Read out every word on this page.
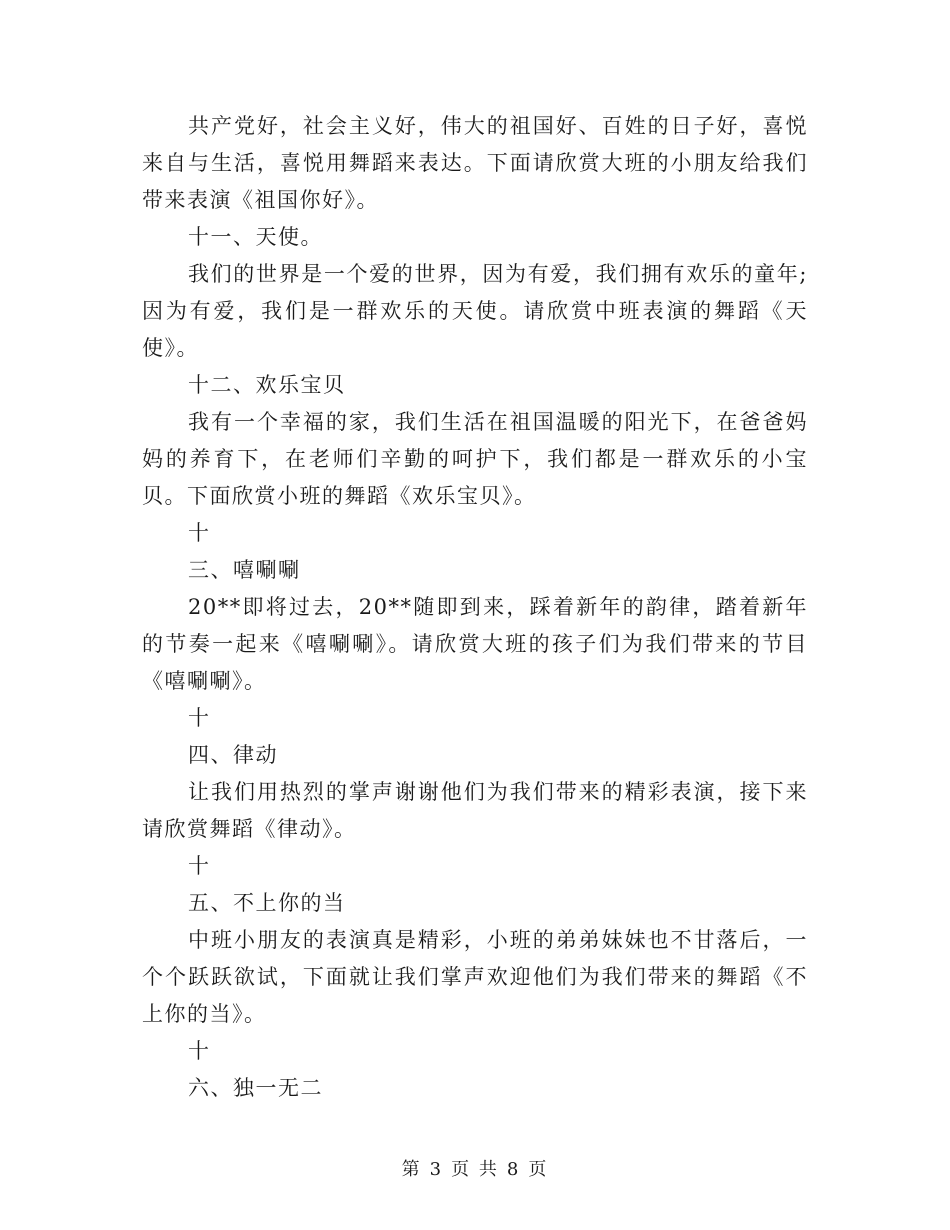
共产党好，社会主义好，伟大的祖国好、百姓的日子好，喜悦来自与生活，喜悦用舞蹈来表达。下面请欣赏大班的小朋友给我们带来表演《祖国你好》。

十一、天使。

我们的世界是一个爱的世界，因为有爱，我们拥有欢乐的童年;因为有爱，我们是一群欢乐的天使。请欣赏中班表演的舞蹈《天使》。

十二、欢乐宝贝

我有一个幸福的家，我们生活在祖国温暖的阳光下，在爸爸妈妈的养育下，在老师们辛勤的呵护下，我们都是一群欢乐的小宝贝。下面欣赏小班的舞蹈《欢乐宝贝》。

十

三、嘻唰唰

20**即将过去，20**随即到来，踩着新年的韵律，踏着新年的节奏一起来《嘻唰唰》。请欣赏大班的孩子们为我们带来的节目《嘻唰唰》。

十

四、律动

让我们用热烈的掌声谢谢他们为我们带来的精彩表演，接下来请欣赏舞蹈《律动》。

十

五、不上你的当

中班小朋友的表演真是精彩，小班的弟弟妹妹也不甘落后，一个个跃跃欲试，下面就让我们掌声欢迎他们为我们带来的舞蹈《不上你的当》。

十

六、独一无二

第 3 页 共 8 页
